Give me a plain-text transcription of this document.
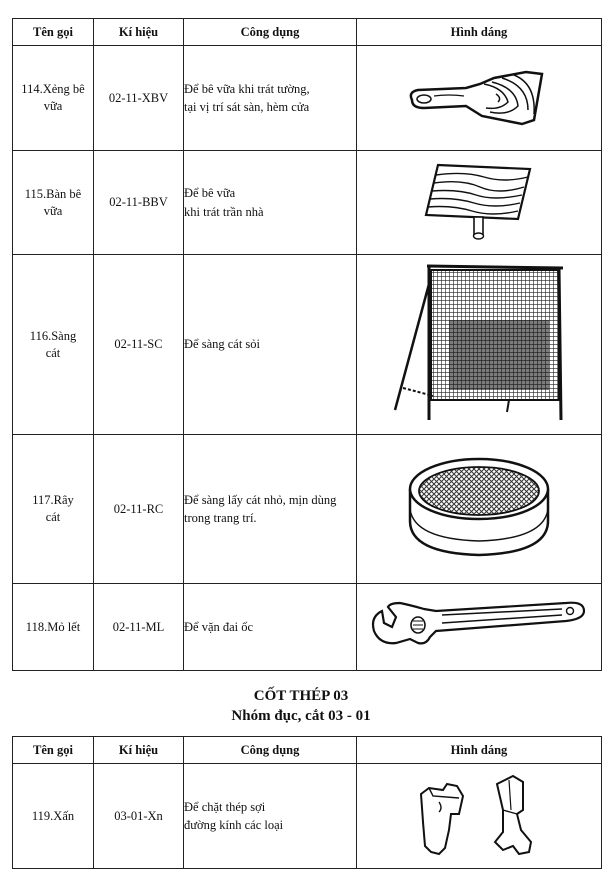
Tên gọi	Kí hiệu	Công dụng	Hình dáng
114.Xẻng bê
vữa	02-11-XBV	Để bê vữa khi trát tường,
tại vị trí sát sàn, hèm cửa	

115.Bàn bê
vữa	02-11-BBV	Để bê vữa
khi trát trần nhà	

116.Sàng
cát	02-11-SC	Để sàng cát sỏi	

117.Rây
cát	02-11-RC	Để sàng lấy cát nhỏ, mịn dùng
trong trang trí.	

118.Mỏ lết	02-11-ML	Để vặn đai ốc	
CỐT THÉP 03
Nhóm đục, cắt 03 - 01
Tên gọi	Kí hiệu	Công dụng	Hình dáng
119.Xấn	03-01-Xn	Để chặt thép sợi
đường kính các loại	
